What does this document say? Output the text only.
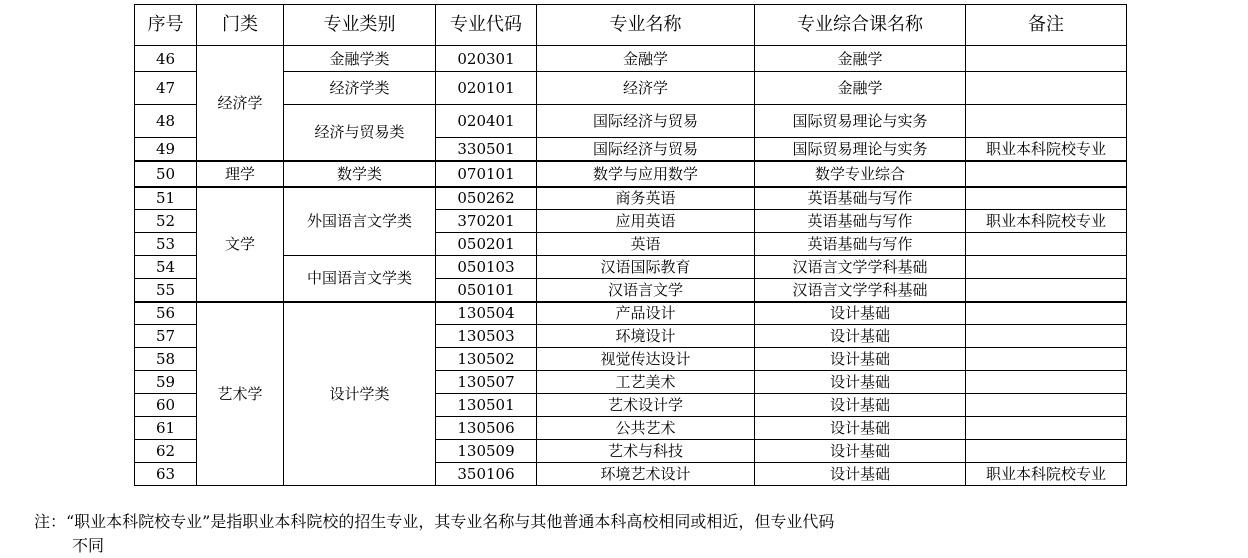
序号	门类	专业类别	专业代码	专业名称	专业综合课名称	备注
46	经济学	金融学类	020301	金融学	金融学	
47		经济学类	020101	经济学	金融学	
48		经济与贸易类	020401	国际经济与贸易	国际贸易理论与实务	
49			330501	国际经济与贸易	国际贸易理论与实务	职业本科院校专业
50	理学	数学类	070101	数学与应用数学	数学专业综合	
51	文学	外国语言文学类	050262	商务英语	英语基础与写作	
52			370201	应用英语	英语基础与写作	职业本科院校专业
53			050201	英语	英语基础与写作	
54		中国语言文学类	050103	汉语国际教育	汉语言文学学科基础	
55			050101	汉语言文学	汉语言文学学科基础	
56	艺术学	设计学类	130504	产品设计	设计基础	
57			130503	环境设计	设计基础	
58			130502	视觉传达设计	设计基础	
59			130507	工艺美术	设计基础	
60			130501	艺术设计学	设计基础	
61			130506	公共艺术	设计基础	
62			130509	艺术与科技	设计基础	
63			350106	环境艺术设计	设计基础	职业本科院校专业
注：“职业本科院校专业”是指职业本科院校的招生专业，其专业名称与其他普通本科高校相同或相近，但专业代码
不同
